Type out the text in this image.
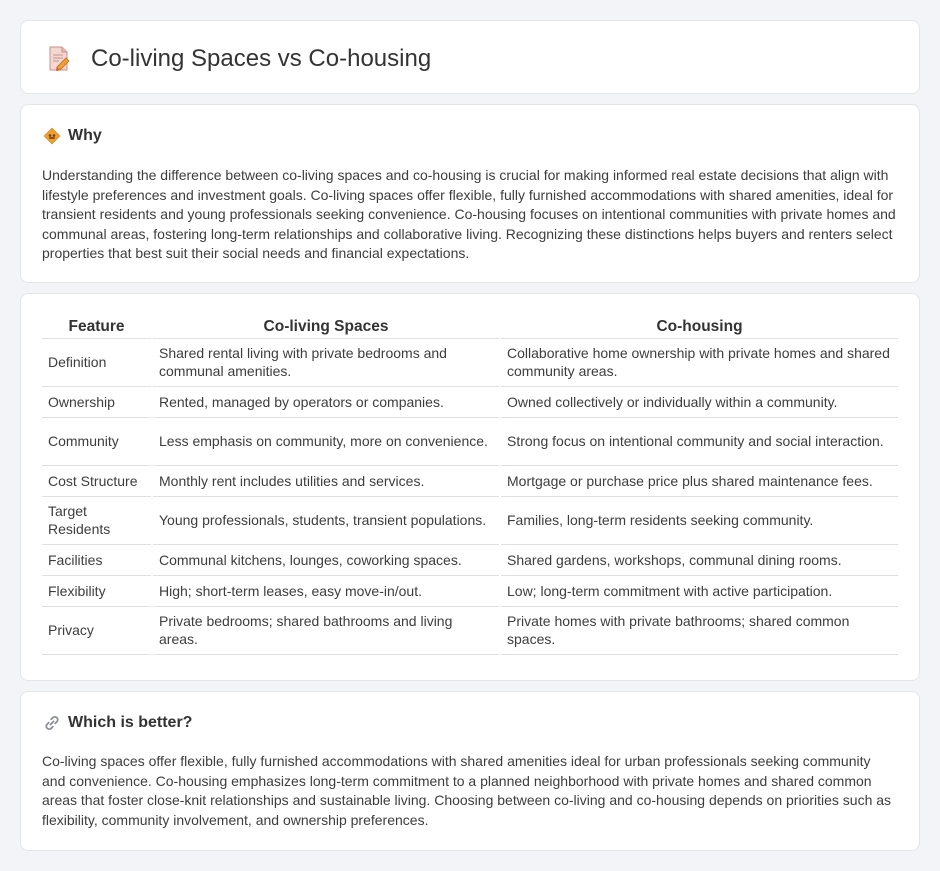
Co-living Spaces vs Co-housing
Why

Understanding the difference between co-living spaces and co-housing is crucial for making informed real estate decisions that align with lifestyle preferences and investment goals. Co-living spaces offer flexible, fully furnished accommodations with shared amenities, ideal for transient residents and young professionals seeking convenience. Co-housing focuses on intentional communities with private homes and communal areas, fostering long-term relationships and collaborative living. Recognizing these distinctions helps buyers and renters select properties that best suit their social needs and financial expectations.

Feature	Co-living Spaces	Co-housing
Definition	Shared rental living with private bedrooms and communal amenities.	Collaborative home ownership with private homes and shared community areas.
Ownership	Rented, managed by operators or companies.	Owned collectively or individually within a community.
Community	Less emphasis on community, more on convenience.	Strong focus on intentional community and social interaction.
Cost Structure	Monthly rent includes utilities and services.	Mortgage or purchase price plus shared maintenance fees.
Target Residents	Young professionals, students, transient populations.	Families, long-term residents seeking community.
Facilities	Communal kitchens, lounges, coworking spaces.	Shared gardens, workshops, communal dining rooms.
Flexibility	High; short-term leases, easy move-in/out.	Low; long-term commitment with active participation.
Privacy	Private bedrooms; shared bathrooms and living areas.	Private homes with private bathrooms; shared common spaces.
Which is better?

Co-living spaces offer flexible, fully furnished accommodations with shared amenities ideal for urban professionals seeking community and convenience. Co-housing emphasizes long-term commitment to a planned neighborhood with private homes and shared common areas that foster close-knit relationships and sustainable living. Choosing between co-living and co-housing depends on priorities such as flexibility, community involvement, and ownership preferences.
